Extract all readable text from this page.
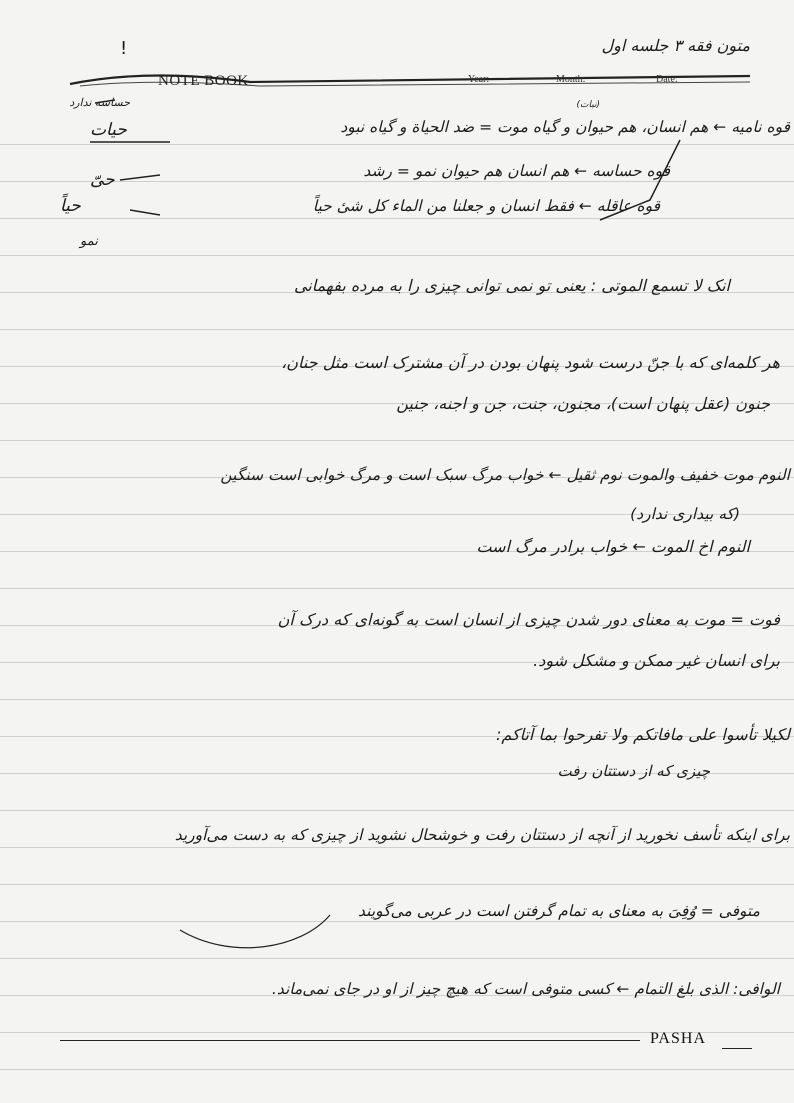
NOTE BOOK	Year:	Month:	Date:
متون فقه ۳ جلسه اول
!
حساسه ندارد	(نبات)
حیات
حیّ
حیاً
نمو
قوه نامیه ← هم انسان، هم حیوان و گیاه موت = ضد الحیاة و گیاه نبود
قوه حساسه ← هم انسان هم حیوان نمو = رشد
قوه عاقله ← فقط انسان و جعلنا من الماء کل شیٔ حیاً
انک لا تسمع الموتی : یعنی تو نمی توانی چیزی را به مرده بفهمانی
هر کلمه‌ای که با جنّ درست شود پنهان بودن در آن مشترک است مثل جنان،
جنون (عقل پنهان است)، مجنون، جنت، جن و اجنه، جنین
النوم موت خفیف والموت نوم ثقیل ← خواب مرگ سبک است و مرگ خوابی است سنگین
(که بیداری ندارد)
النوم اخ الموت ← خواب برادر مرگ است
فوت = موت به معنای دور شدن چیزی از انسان است به گونه‌ای که درک آن
برای انسان غیر ممکن و مشکل شود.
لکیلا تأسوا علی مافاتکم ولا تفرحوا بما آتاکم:
چیزی که از دستتان رفت
برای اینکه تأسف نخورید از آنچه از دستتان رفت و خوشحال نشوید از چیزی که به دست می‌آورید
متوفی = وُفِیَ به معنای به تمام گرفتن است در عربی می‌گویند
الوافی: الذی بلغ التمام ← کسی متوفی است که هیچ چیز از او در جای نمی‌ماند.
PASHA
